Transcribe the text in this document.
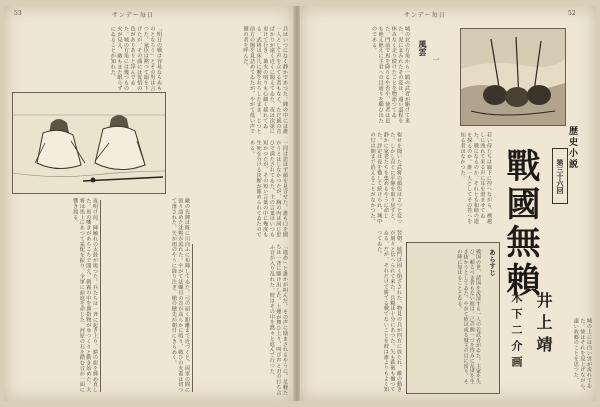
53	サンデー毎日	サンデー毎日	52
兵はいつになく静かであつた。陣の中には誰一人として声を立てる者もなく、ただ風の音ばかりが遠く近くに聞えてゐた。夜は次第に更けて行き、篝火の明りも心細く揺れてゐる。武将は床几に腰をおろしたまま、じつと前方の闇を見詰めてゐたが、やがて低い声で側の者を呼んだ。
「明日の戦は容易ならぬものとなろう」とその男は言つた。家臣は黙つて頭を下げたが、その顔には覚悟の色がありありと浮んでゐた。城の方角には幾つもの火が見え、敵もまた眠らずにゐることが知れた。
一同は思はず顔を見合せた。誰も口を開かうとはしなかつたが、胸の内は同じ思ひで満たされてゐた。主の言葉はいつも短かつたが、その短い言葉の中に幾度も生死を分ける決断が籠められてゐたのである。
夜明け前、陣触れの太鼓が鳴つた。兵たちは一斉に起き上り、鎧の紐を締め直した。馬の嘶きがあちこちで聞え、朝霧の中を旗指物がゆつくりと動き始めた。大将は馬上にあつて采配を振り、全軍に前進を命じた。河原の石を踏む音が一面に響き渡る。	敵の先陣は既に川向ふに布陣してゐた。弓の届く距離まで近づくと、両軍の間に張り詰めた沈黙が流れた。やがて法螺貝の音が高らかに鳴り、戦ひの火蓋は切つて落された。矢が雨のやうに降り注ぎ、槍の穂先が朝日にきらめく。	「進め」と誰かが叫んだ。その声に励まされるやうに、足軽たちは一斉に駆け出した。土煙が舞ひ上り、叫び声と刃の打ち合ふ音が入り乱れた。彼はその中を黙々と進んで行つた。
城の北の方角から一騎の武者が駆けて来た。泥にまみれたその姿は、遠い道程を休みなく走り続けたことを物語つてゐた。門前で馬を降りるや否や、使者は息も絶え絶えに主君への目通りを願ひ出たのである。	風雲
一
報せを聞いた武将の顔色はさつと変つた。しかし直ぐに平静を取り戻すと、静かに家老たちを集めるやうに命じた。評定は夜を徹して続けられ、城中の灯は朝まで消えることがなかつた。	若い侍たちは廊下に控へながら、襖越しに洩れて来る声に耳を澄ませてゐた。戦になるのか、それとも和睦の道を探るのか。誰一人としてその答へを知る者はなかつた。	歴史小説
第三十六回
戰國無賴
井上靖
木下二介画
翌朝、城門は固く閉ざされた。物見の兵が四方に放たれ、敵の動きが刻々と伝へられて来た。兵糧は十分にあつた。矢も鉄砲も揃つてゐる。だが、それだけで勝てる戦でないことを彼は誰よりもよく知つてゐた。
あらすじ
戦国の世、諸国を流浪する一人の若武者がゐた。主家を失ひ、頼るべき者もない彼は、己の腕一つを恃みに乱世を生き抜かうとしてゐた。やがて彼は或る城主の目に留り、その陣に加はることとなる。
城の上には白い雲が流れてゐた。彼はそれを見上げながら、遠い故郷のことを思つた。
